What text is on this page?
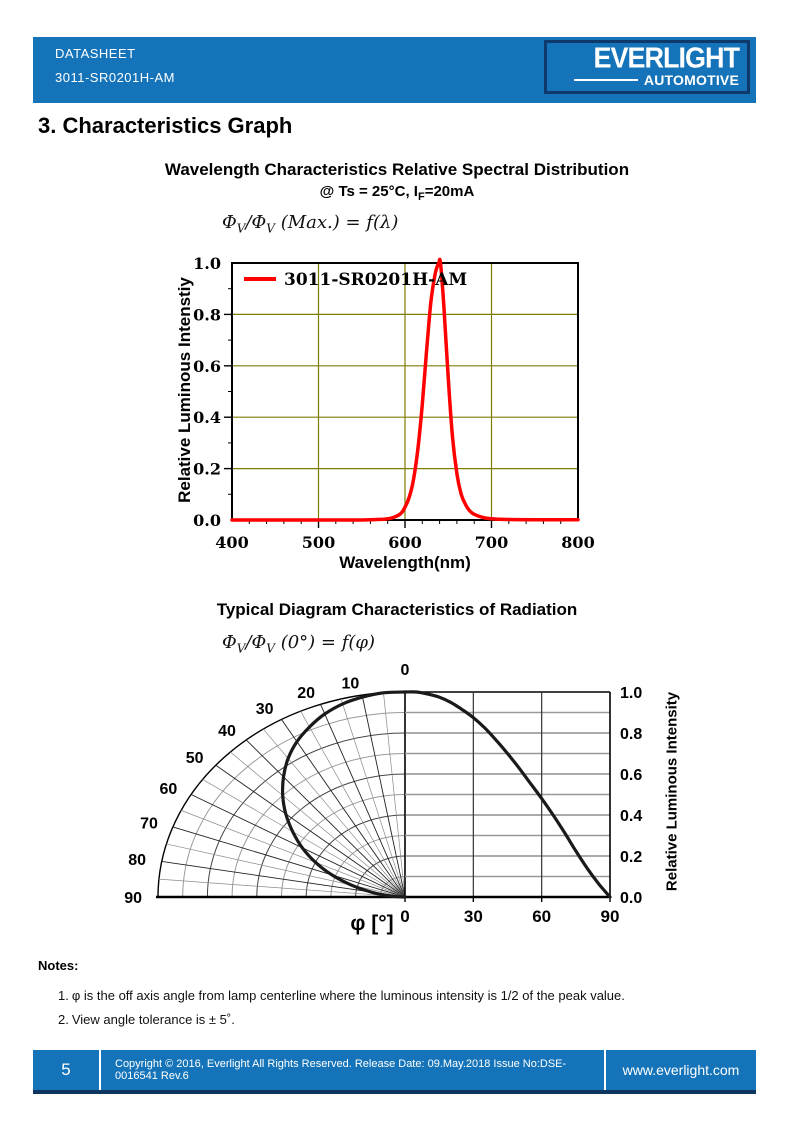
DATASHEET
3011-SR0201H-AM
EVERLIGHT
AUTOMOTIVE
3. Characteristics Graph
Wavelength Characteristics Relative Spectral Distribution
@ Ts = 25°C, $I_F=20mA$
$\Phi_V/\Phi_V$ (Max.) = f(λ)
Relative Luminous Intenstiy
400	500	600	700	800
0.0
0.2
0.4
0.6
0.8
1.0
3011-SR0201H-AM
Wavelength(nm)
Typical Diagram Characteristics of Radiation
$\Phi_V/\Phi_V$ (0°) = f(φ)
0
10
20
30
40
50
60
70
80
90
1.0
0.8
0.6
0.4
0.2
0.0
0	30	60	90
Relative Luminous Intensity
φ [°]
Notes:
1. φ is the off axis angle from lamp centerline where the luminous intensity is 1/2 of the peak value.
2. View angle tolerance is ± 5˚.
5	Copyright © 2016, Everlight All Rights Reserved. Release Date: 09.May.2018 Issue No:DSE-0016541 Rev.6	www.everlight.com
